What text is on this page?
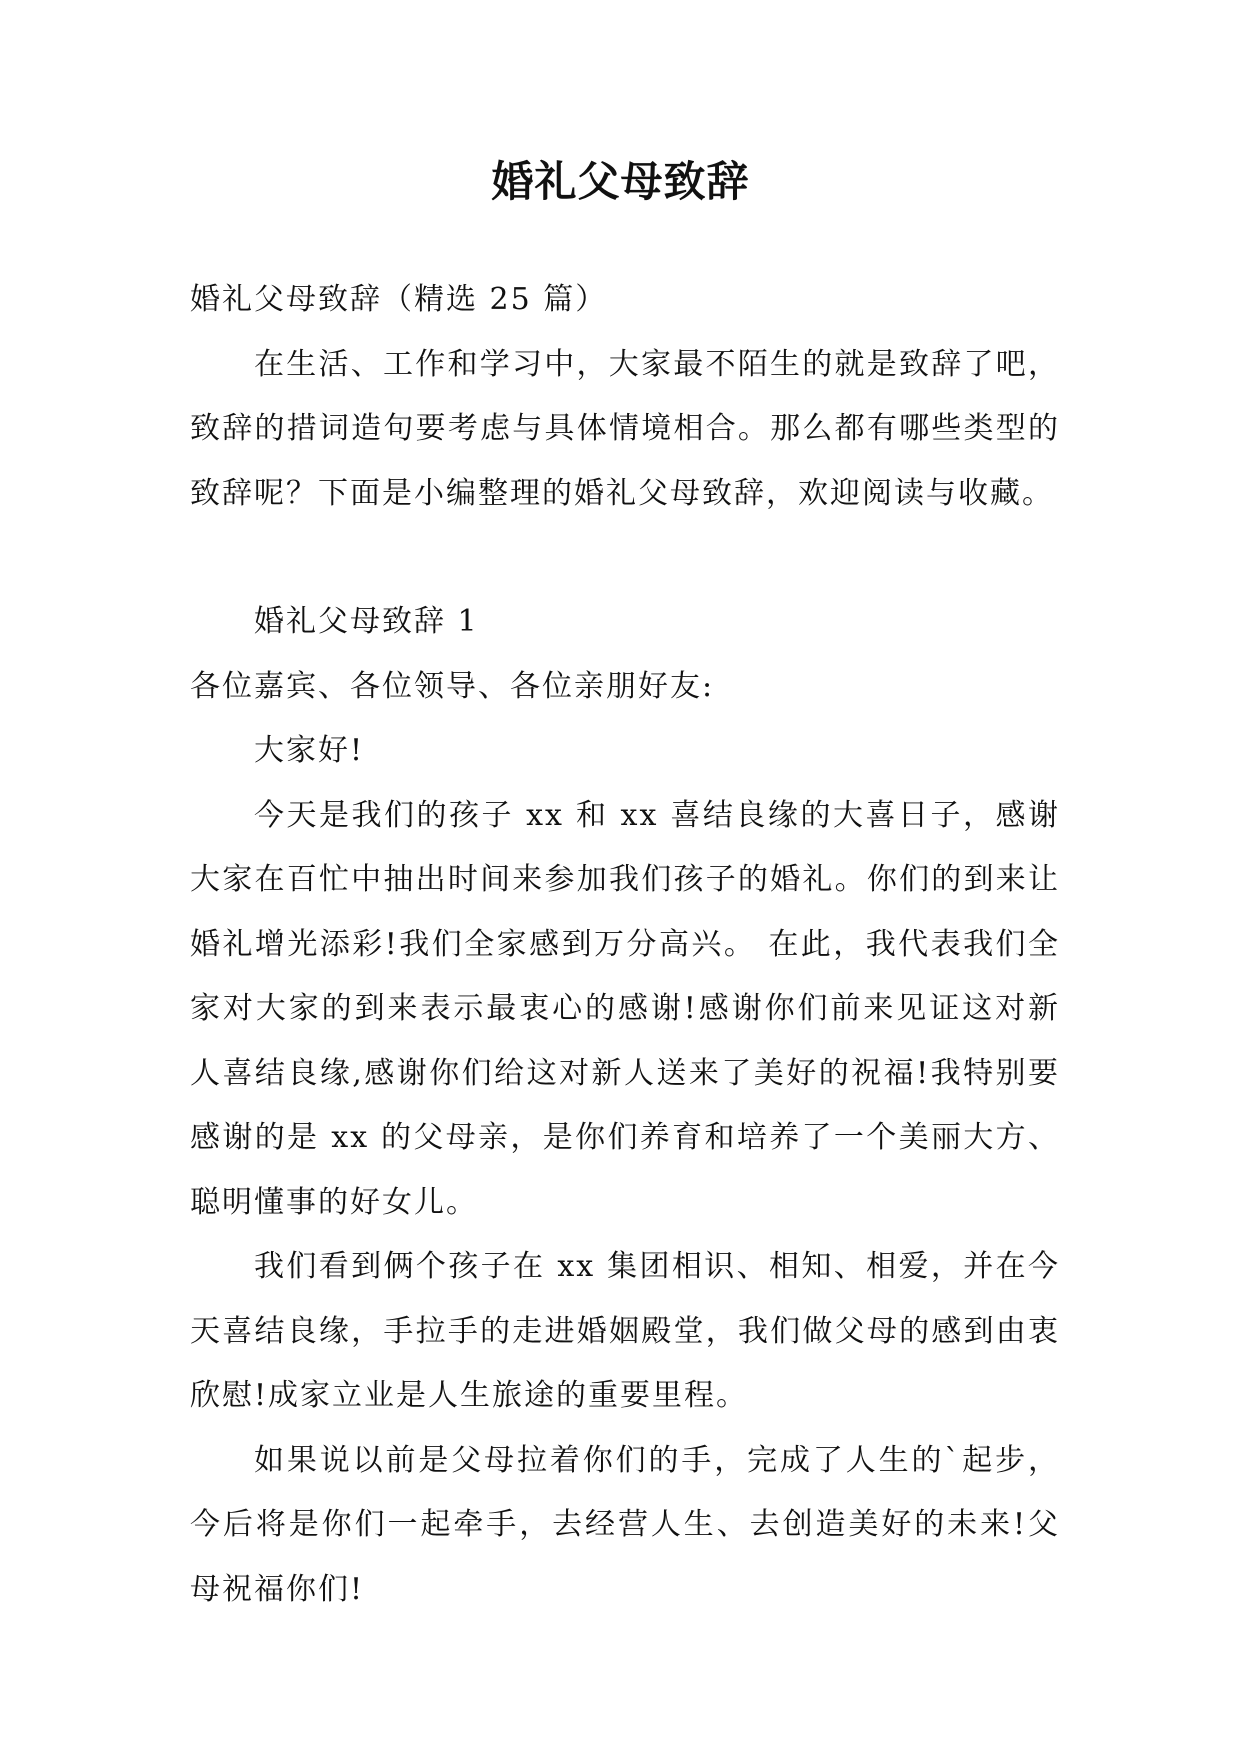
婚礼父母致辞

婚礼父母致辞（精选 25 篇）

在生活、工作和学习中，大家最不陌生的就是致辞了吧，致辞的措词造句要考虑与具体情境相合。那么都有哪些类型的致辞呢？下面是小编整理的婚礼父母致辞，欢迎阅读与收藏。

婚礼父母致辞 1

各位嘉宾、各位领导、各位亲朋好友:

大家好!

今天是我们的孩子 xx 和 xx 喜结良缘的大喜日子，感谢大家在百忙中抽出时间来参加我们孩子的婚礼。你们的到来让婚礼增光添彩!我们全家感到万分高兴。 在此，我代表我们全家对大家的到来表示最衷心的感谢!感谢你们前来见证这对新人喜结良缘,感谢你们给这对新人送来了美好的祝福!我特别要感谢的是 xx 的父母亲，是你们养育和培养了一个美丽大方、聪明懂事的好女儿。

我们看到俩个孩子在 xx 集团相识、相知、相爱，并在今天喜结良缘，手拉手的走进婚姻殿堂，我们做父母的感到由衷欣慰!成家立业是人生旅途的重要里程。

如果说以前是父母拉着你们的手，完成了人生的`起步，今后将是你们一起牵手，去经营人生、去创造美好的未来!父母祝福你们!
